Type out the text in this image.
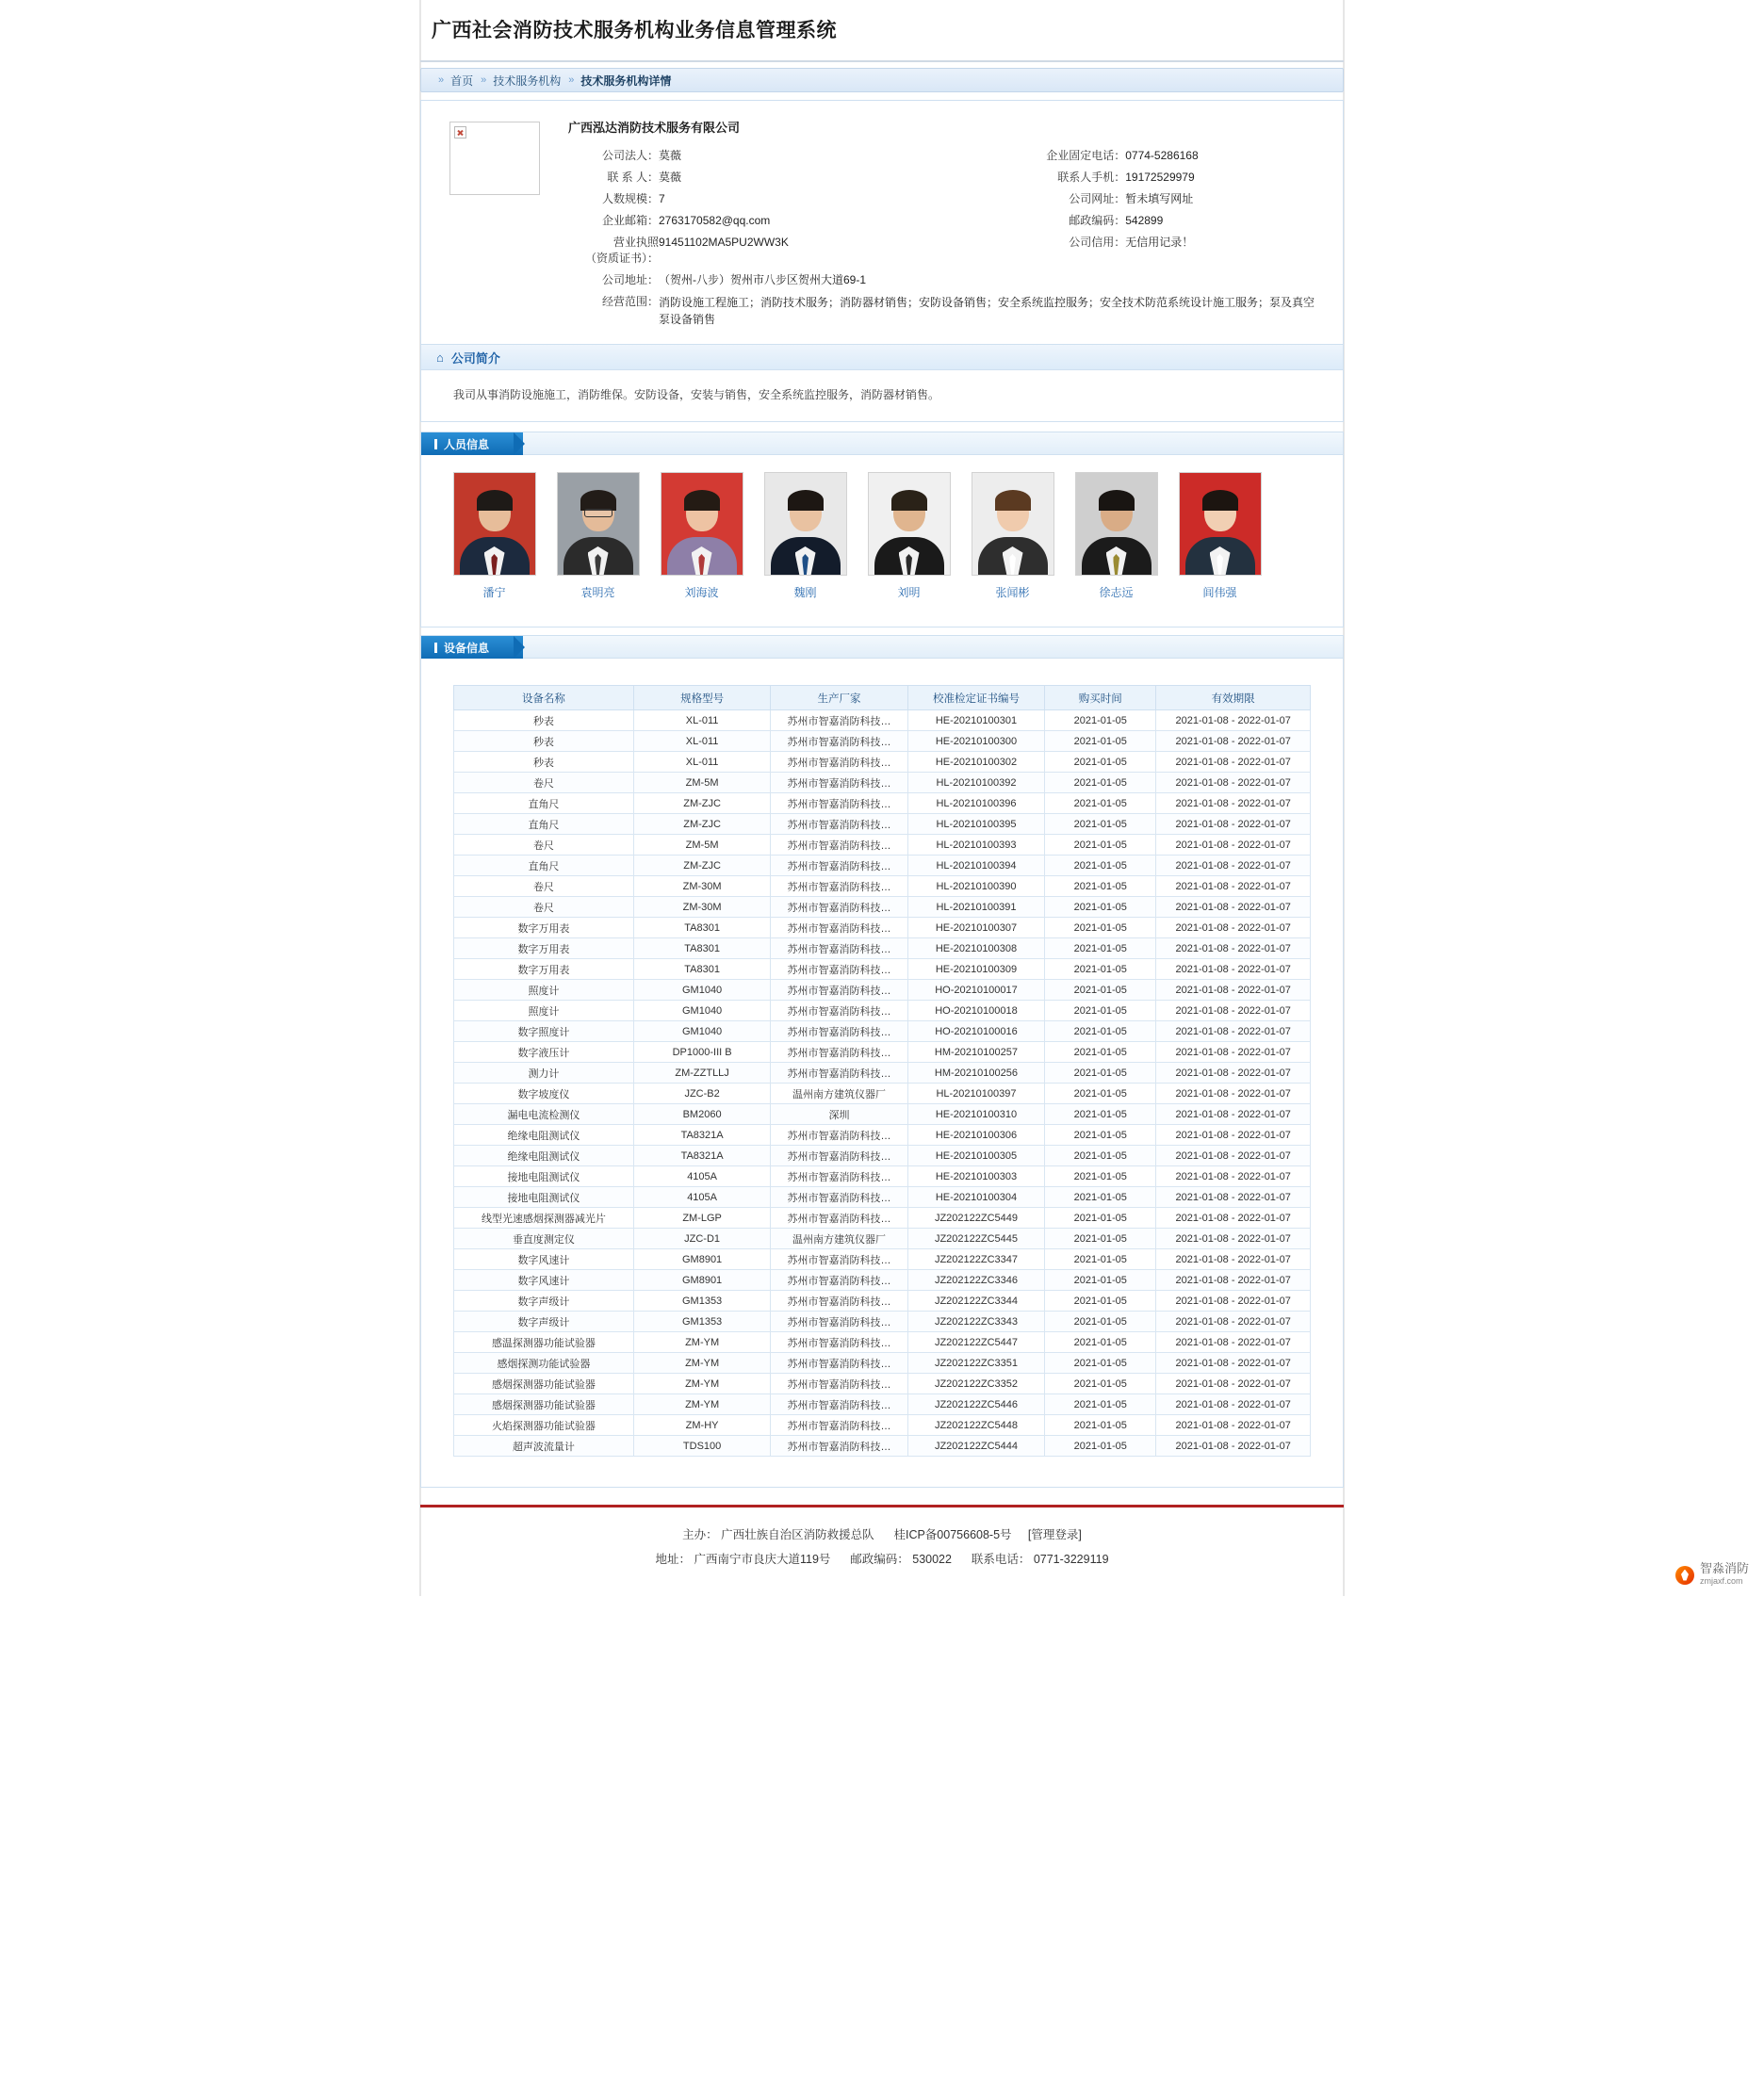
广西社会消防技术服务机构业务信息管理系统
» 首页 » 技术服务机构 » 技术服务机构详情
广西泓达消防技术服务有限公司
公司法人：	莫薇	企业固定电话：	0774-5286168
联 系 人：	莫薇	联系人手机：	19172529979
人数规模：	7	公司网址：	暂未填写网址
企业邮箱：	2763170582@qq.com	邮政编码：	542899

营业执照
（资质证书）：	91451102MA5PU2WW3K	公司信用：	无信用记录！
公司地址：	（贺州-八步）贺州市八步区贺州大道69-1		
经营范围：	消防设施工程施工；消防技术服务；消防器材销售；安防设备销售；安全系统监控服务；安全技术防范系统设计施工服务；泵及真空泵设备销售		
⌂ 公司简介
我司从事消防设施施工，消防维保。安防设备，安装与销售，安全系统监控服务，消防器材销售。
人员信息
潘宁	袁明亮	刘海波	魏刚	刘明	张闻彬	徐志远	闾伟强
设备信息
设备名称	规格型号	生产厂家	校准检定证书编号	购买时间	有效期限
秒表	XL-011	苏州市智嘉消防科技…	HE-20210100301	2021-01-05	2021-01-08 - 2022-01-07
秒表	XL-011	苏州市智嘉消防科技…	HE-20210100300	2021-01-05	2021-01-08 - 2022-01-07
秒表	XL-011	苏州市智嘉消防科技…	HE-20210100302	2021-01-05	2021-01-08 - 2022-01-07
卷尺	ZM-5M	苏州市智嘉消防科技…	HL-20210100392	2021-01-05	2021-01-08 - 2022-01-07
直角尺	ZM-ZJC	苏州市智嘉消防科技…	HL-20210100396	2021-01-05	2021-01-08 - 2022-01-07
直角尺	ZM-ZJC	苏州市智嘉消防科技…	HL-20210100395	2021-01-05	2021-01-08 - 2022-01-07
卷尺	ZM-5M	苏州市智嘉消防科技…	HL-20210100393	2021-01-05	2021-01-08 - 2022-01-07
直角尺	ZM-ZJC	苏州市智嘉消防科技…	HL-20210100394	2021-01-05	2021-01-08 - 2022-01-07
卷尺	ZM-30M	苏州市智嘉消防科技…	HL-20210100390	2021-01-05	2021-01-08 - 2022-01-07
卷尺	ZM-30M	苏州市智嘉消防科技…	HL-20210100391	2021-01-05	2021-01-08 - 2022-01-07
数字万用表	TA8301	苏州市智嘉消防科技…	HE-20210100307	2021-01-05	2021-01-08 - 2022-01-07
数字万用表	TA8301	苏州市智嘉消防科技…	HE-20210100308	2021-01-05	2021-01-08 - 2022-01-07
数字万用表	TA8301	苏州市智嘉消防科技…	HE-20210100309	2021-01-05	2021-01-08 - 2022-01-07
照度计	GM1040	苏州市智嘉消防科技…	HO-20210100017	2021-01-05	2021-01-08 - 2022-01-07
照度计	GM1040	苏州市智嘉消防科技…	HO-20210100018	2021-01-05	2021-01-08 - 2022-01-07
数字照度计	GM1040	苏州市智嘉消防科技…	HO-20210100016	2021-01-05	2021-01-08 - 2022-01-07
数字液压计	DP1000-III B	苏州市智嘉消防科技…	HM-20210100257	2021-01-05	2021-01-08 - 2022-01-07
测力计	ZM-ZZTLLJ	苏州市智嘉消防科技…	HM-20210100256	2021-01-05	2021-01-08 - 2022-01-07
数字坡度仪	JZC-B2	温州南方建筑仪器厂	HL-20210100397	2021-01-05	2021-01-08 - 2022-01-07
漏电电流检测仪	BM2060	深圳	HE-20210100310	2021-01-05	2021-01-08 - 2022-01-07
绝缘电阻测试仪	TA8321A	苏州市智嘉消防科技…	HE-20210100306	2021-01-05	2021-01-08 - 2022-01-07
绝缘电阻测试仪	TA8321A	苏州市智嘉消防科技…	HE-20210100305	2021-01-05	2021-01-08 - 2022-01-07
接地电阻测试仪	4105A	苏州市智嘉消防科技…	HE-20210100303	2021-01-05	2021-01-08 - 2022-01-07
接地电阻测试仪	4105A	苏州市智嘉消防科技…	HE-20210100304	2021-01-05	2021-01-08 - 2022-01-07
线型光速感烟探测器减光片	ZM-LGP	苏州市智嘉消防科技…	JZ202122ZC5449	2021-01-05	2021-01-08 - 2022-01-07
垂直度测定仪	JZC-D1	温州南方建筑仪器厂	JZ202122ZC5445	2021-01-05	2021-01-08 - 2022-01-07
数字风速计	GM8901	苏州市智嘉消防科技…	JZ202122ZC3347	2021-01-05	2021-01-08 - 2022-01-07
数字风速计	GM8901	苏州市智嘉消防科技…	JZ202122ZC3346	2021-01-05	2021-01-08 - 2022-01-07
数字声级计	GM1353	苏州市智嘉消防科技…	JZ202122ZC3344	2021-01-05	2021-01-08 - 2022-01-07
数字声级计	GM1353	苏州市智嘉消防科技…	JZ202122ZC3343	2021-01-05	2021-01-08 - 2022-01-07
感温探测器功能试验器	ZM-YM	苏州市智嘉消防科技…	JZ202122ZC5447	2021-01-05	2021-01-08 - 2022-01-07
感烟探测功能试验器	ZM-YM	苏州市智嘉消防科技…	JZ202122ZC3351	2021-01-05	2021-01-08 - 2022-01-07
感烟探测器功能试验器	ZM-YM	苏州市智嘉消防科技…	JZ202122ZC3352	2021-01-05	2021-01-08 - 2022-01-07
感烟探测器功能试验器	ZM-YM	苏州市智嘉消防科技…	JZ202122ZC5446	2021-01-05	2021-01-08 - 2022-01-07
火焰探测器功能试验器	ZM-HY	苏州市智嘉消防科技…	JZ202122ZC5448	2021-01-05	2021-01-08 - 2022-01-07
超声波流量计	TDS100	苏州市智嘉消防科技…	JZ202122ZC5444	2021-01-05	2021-01-08 - 2022-01-07
主办： 广西壮族自治区消防救援总队 桂ICP备00756608-5号 [管理登录]
地址： 广西南宁市良庆大道119号 邮政编码： 530022 联系电话： 0771-3229119
智淼消防
zmjaxf.com
